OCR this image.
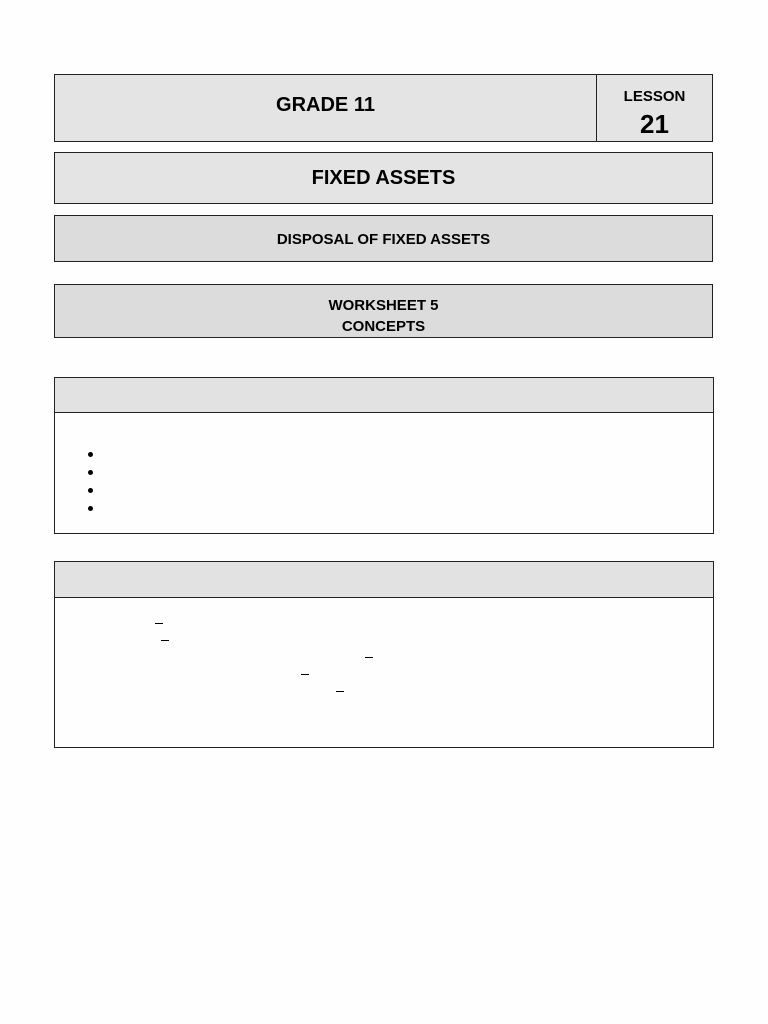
GRADE 11	LESSON
21
FIXED ASSETS
DISPOSAL OF FIXED ASSETS
WORKSHEET 5
CONCEPTS
